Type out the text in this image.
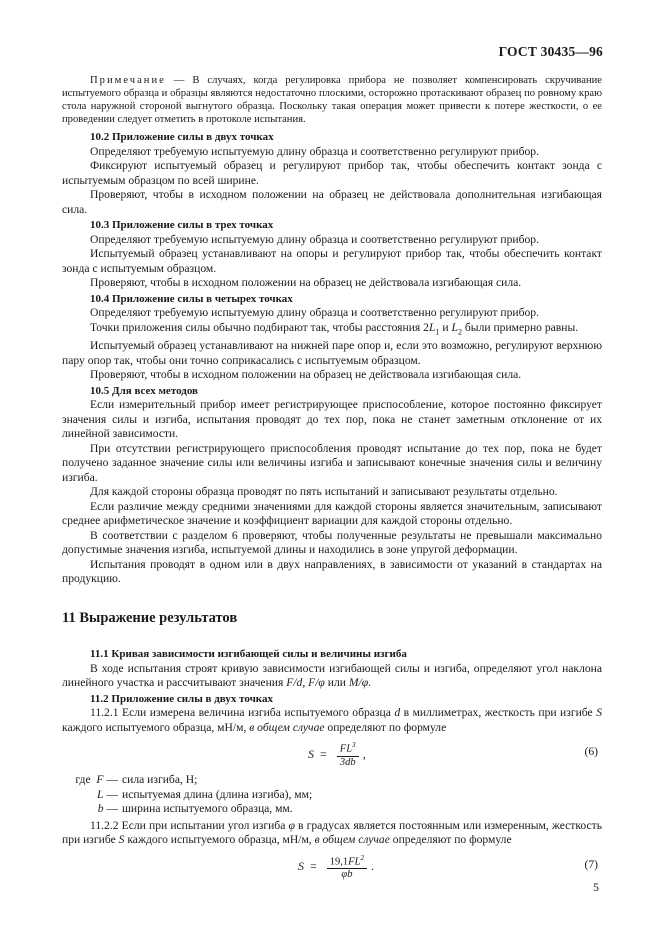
ГОСТ 30435—96

Примечание — В случаях, когда регулировка прибора не позволяет компенсировать скручивание испытуемого образца и образцы являются недостаточно плоскими, осторожно протаскивают образец по ровному краю стола наружной стороной выгнутого образца. Поскольку такая операция может привести к потере жесткости, о ее проведении следует отметить в протоколе испытания.

10.2 Приложение силы в двух точках

Определяют требуемую испытуемую длину образца и соответственно регулируют прибор.

Фиксируют испытуемый образец и регулируют прибор так, чтобы обеспечить контакт зонда с испытуемым образцом по всей ширине.

Проверяют, чтобы в исходном положении на образец не действовала дополнительная изгибающая сила.

10.3 Приложение силы в трех точках

Определяют требуемую испытуемую длину образца и соответственно регулируют прибор.

Испытуемый образец устанавливают на опоры и регулируют прибор так, чтобы обеспечить контакт зонда с испытуемым образцом.

Проверяют, чтобы в исходном положении на образец не действовала изгибающая сила.

10.4 Приложение силы в четырех точках

Определяют требуемую испытуемую длину образца и соответственно регулируют прибор.

Точки приложения силы обычно подбирают так, чтобы расстояния $2L_1$ и $L_2$ были примерно равны.

Испытуемый образец устанавливают на нижней паре опор и, если это возможно, регулируют верхнюю пару опор так, чтобы они точно соприкасались с испытуемым образцом.

Проверяют, чтобы в исходном положении на образец не действовала изгибающая сила.

10.5 Для всех методов

Если измерительный прибор имеет регистрирующее приспособление, которое постоянно фиксирует значения силы и изгиба, испытания проводят до тех пор, пока не станет заметным отклонение от их линейной зависимости.

При отсутствии регистрирующего приспособления проводят испытание до тех пор, пока не будет получено заданное значение силы или величины изгиба и записывают конечные значения силы и величину изгиба.

Для каждой стороны образца проводят по пять испытаний и записывают результаты отдельно.

Если различие между средними значениями для каждой стороны является значительным, записывают среднее арифметическое значение и коэффициент вариации для каждой стороны отдельно.

В соответствии с разделом 6 проверяют, чтобы полученные результаты не превышали максимально допустимые значения изгиба, испытуемой длины и находились в зоне упругой деформации.

Испытания проводят в одном или в двух направлениях, в зависимости от указаний в стандартах на продукцию.

11 Выражение результатов

11.1 Кривая зависимости изгибающей силы и величины изгиба

В ходе испытания строят кривую зависимости изгибающей силы и изгиба, определяют угол наклона линейного участка и рассчитывают значения F/d, F/φ или M/φ.

11.2 Приложение силы в двух точках

11.2.1 Если измерена величина изгиба испытуемого образца d в миллиметрах, жесткость при изгибе S каждого испытуемого образца, мН/м, в общем случае определяют по формуле

$S = \frac{FL^3}{3db}$ ,	(6)
где F — сила изгиба, Н;
L — испытуемая длина (длина изгиба), мм;
b — ширина испытуемого образца, мм.

11.2.2 Если при испытании угол изгиба φ в градусах является постоянным или измеренным, жесткость при изгибе S каждого испытуемого образца, мН/м, в общем случае определяют по формуле

$S = \frac{19,1FL^2}{\varphi b}$ .	(7)
5
